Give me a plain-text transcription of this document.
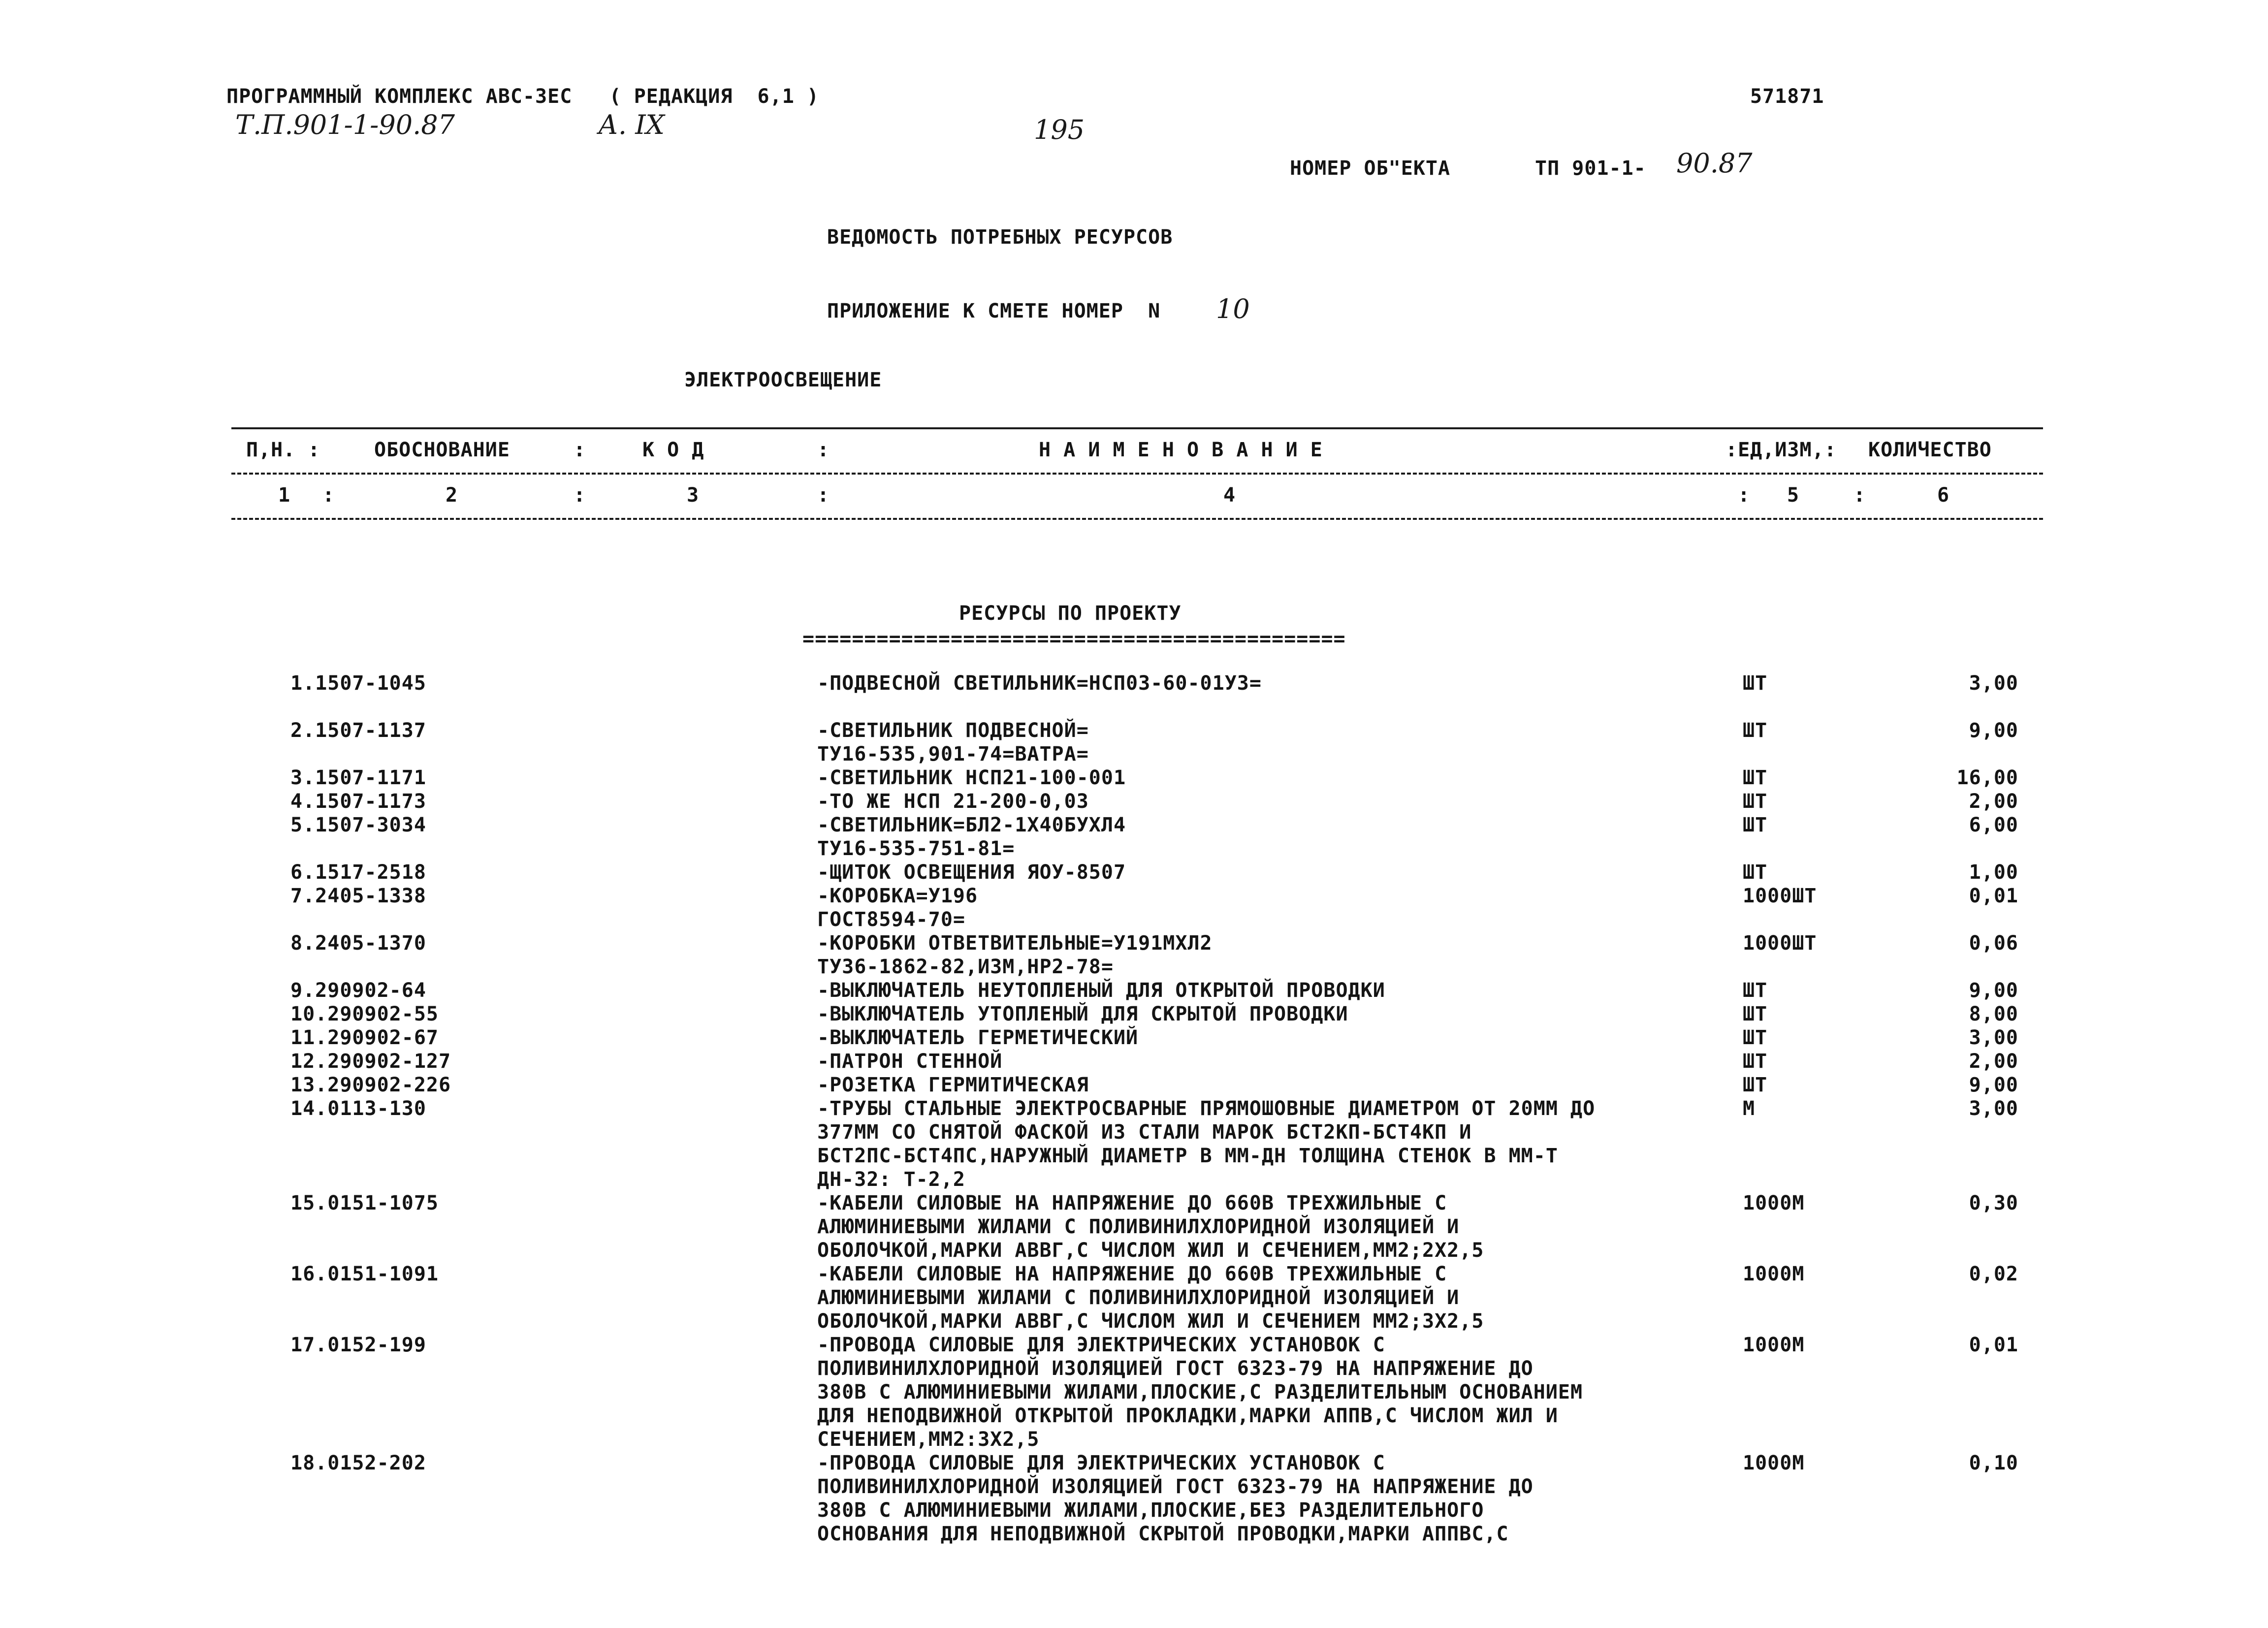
ПРОГРАММНЫЙ КОМПЛЕКС АВС-ЗЕС   ( РЕДАКЦИЯ  6,1 )
Т.П.901-1-90.87	А. IX	195
571871
НОМЕР ОБ"ЕКТА	ТП 901-1- 90.87
ВЕДОМОСТЬ ПОТРЕБНЫХ РЕСУРСОВ
ПРИЛОЖЕНИЕ К СМЕТЕ НОМЕР  N 10
ЭЛЕКТРООСВЕЩЕНИЕ
П,Н. :	ОБОСНОВАНИЕ	:	К О Д	:	Н А И М Е Н О В А Н И Е	:ЕД,ИЗМ,: КОЛИЧЕСТВО
1 :	2	:	3	:	4	: 5	:	6
РЕСУРСЫ ПО ПРОЕКТУ
============================================
1.1507-1045	-ПОДВЕСНОЙ СВЕТИЛЬНИК=НСП03-60-01У3=	ШТ	3,00
2.1507-1137	-СВЕТИЛЬНИК ПОДВЕСНОЙ=
ТУ16-535,901-74=ВАТРА=
ШТ	9,00
3.1507-1171	-СВЕТИЛЬНИК НСП21-100-001	ШТ	16,00
4.1507-1173	-ТО ЖЕ НСП 21-200-0,03	ШТ	2,00
5.1507-3034	-СВЕТИЛЬНИК=БЛ2-1Х40БУХЛ4
ТУ16-535-751-81=
ШТ	6,00
6.1517-2518	-ЩИТОК ОСВЕЩЕНИЯ ЯОУ-8507	ШТ	1,00
7.2405-1338	-КОРОБКА=У196
ГОСТ8594-70=
1000ШТ	0,01
8.2405-1370	-КОРОБКИ ОТВЕТВИТЕЛЬНЫЕ=У191МХЛ2
ТУ36-1862-82,ИЗМ,НР2-78=
1000ШТ	0,06
9.290902-64	-ВЫКЛЮЧАТЕЛЬ НЕУТОПЛЕНЫЙ ДЛЯ ОТКРЫТОЙ ПРОВОДКИ	ШТ	9,00
10.290902-55	-ВЫКЛЮЧАТЕЛЬ УТОПЛЕНЫЙ ДЛЯ СКРЫТОЙ ПРОВОДКИ	ШТ	8,00
11.290902-67	-ВЫКЛЮЧАТЕЛЬ ГЕРМЕТИЧЕСКИЙ	ШТ	3,00
12.290902-127	-ПАТРОН СТЕННОЙ	ШТ	2,00
13.290902-226	-РОЗЕТКА ГЕРМИТИЧЕСКАЯ	ШТ	9,00
14.0113-130	-ТРУБЫ СТАЛЬНЫЕ ЭЛЕКТРОСВАРНЫЕ ПРЯМОШОВНЫЕ ДИАМЕТРОМ ОТ 20ММ ДО
377ММ СО СНЯТОЙ ФАСКОЙ ИЗ СТАЛИ МАРОК БСТ2КП-БСТ4КП И
БСТ2ПС-БСТ4ПС,НАРУЖНЫЙ ДИАМЕТР В ММ-ДН ТОЛЩИНА СТЕНОК В ММ-Т
ДН-32: Т-2,2
М	3,00
15.0151-1075	-КАБЕЛИ СИЛОВЫЕ НА НАПРЯЖЕНИЕ ДО 660В ТРЕХЖИЛЬНЫЕ С
АЛЮМИНИЕВЫМИ ЖИЛАМИ С ПОЛИВИНИЛХЛОРИДНОЙ ИЗОЛЯЦИЕЙ И
ОБОЛОЧКОЙ,МАРКИ АВВГ,С ЧИСЛОМ ЖИЛ И СЕЧЕНИЕМ,ММ2;2Х2,5
1000М	0,30
16.0151-1091	-КАБЕЛИ СИЛОВЫЕ НА НАПРЯЖЕНИЕ ДО 660В ТРЕХЖИЛЬНЫЕ С
АЛЮМИНИЕВЫМИ ЖИЛАМИ С ПОЛИВИНИЛХЛОРИДНОЙ ИЗОЛЯЦИЕЙ И
ОБОЛОЧКОЙ,МАРКИ АВВГ,С ЧИСЛОМ ЖИЛ И СЕЧЕНИЕМ ММ2;3Х2,5
1000М	0,02
17.0152-199	-ПРОВОДА СИЛОВЫЕ ДЛЯ ЭЛЕКТРИЧЕСКИХ УСТАНОВОК С
ПОЛИВИНИЛХЛОРИДНОЙ ИЗОЛЯЦИЕЙ ГОСТ 6323-79 НА НАПРЯЖЕНИЕ ДО
380В С АЛЮМИНИЕВЫМИ ЖИЛАМИ,ПЛОСКИЕ,С РАЗДЕЛИТЕЛЬНЫМ ОСНОВАНИЕМ
ДЛЯ НЕПОДВИЖНОЙ ОТКРЫТОЙ ПРОКЛАДКИ,МАРКИ АППВ,С ЧИСЛОМ ЖИЛ И
СЕЧЕНИЕМ,ММ2:3Х2,5
1000М	0,01
18.0152-202	-ПРОВОДА СИЛОВЫЕ ДЛЯ ЭЛЕКТРИЧЕСКИХ УСТАНОВОК С
ПОЛИВИНИЛХЛОРИДНОЙ ИЗОЛЯЦИЕЙ ГОСТ 6323-79 НА НАПРЯЖЕНИЕ ДО
380В С АЛЮМИНИЕВЫМИ ЖИЛАМИ,ПЛОСКИЕ,БЕЗ РАЗДЕЛИТЕЛЬНОГО
ОСНОВАНИЯ ДЛЯ НЕПОДВИЖНОЙ СКРЫТОЙ ПРОВОДКИ,МАРКИ АППВС,С
1000М	0,10
